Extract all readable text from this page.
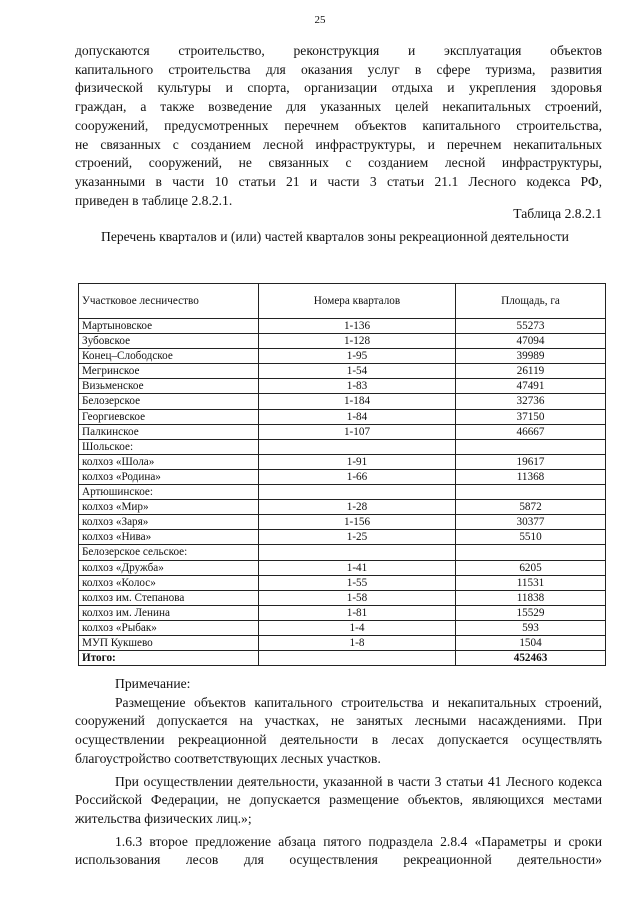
25
допускаются строительство, реконструкция и эксплуатация объектов
капитального строительства для оказания услуг в сфере туризма, развития
физической культуры и спорта, организации отдыха и укрепления здоровья
граждан, а также возведение для указанных целей некапитальных строений,
сооружений, предусмотренных перечнем объектов капитального строительства,
не связанных с созданием лесной инфраструктуры, и перечнем некапитальных
строений, сооружений, не связанных с созданием лесной инфраструктуры,
указанными в части 10 статьи 21 и части 3 статьи 21.1 Лесного кодекса РФ,
приведен в таблице 2.8.2.1.
Таблица 2.8.2.1
Перечень кварталов и (или) частей кварталов зоны рекреационной деятельности
Участковое лесничество	Номера кварталов	Площадь, га
Мартыновское	1-136	55273
Зубовское	1-128	47094
Конец–Слободское	1-95	39989
Мегринское	1-54	26119
Визьменское	1-83	47491
Белозерское	1-184	32736
Георгиевское	1-84	37150
Палкинское	1-107	46667
Шольское:		
колхоз «Шола»	1-91	19617
колхоз «Родина»	1-66	11368
Артюшинское:		
колхоз «Мир»	1-28	5872
колхоз «Заря»	1-156	30377
колхоз «Нива»	1-25	5510
Белозерское сельское:		
колхоз «Дружба»	1-41	6205
колхоз «Колос»	1-55	11531
колхоз им. Степанова	1-58	11838
колхоз им. Ленина	1-81	15529
колхоз «Рыбак»	1-4	593
МУП Кукшево	1-8	1504
Итого:		452463

Примечание:

Размещение объектов капитального строительства и некапитальных строений, сооружений допускается на участках, не занятых лесными насаждениями. При осуществлении рекреационной деятельности в лесах допускается осуществлять благоустройство соответствующих лесных участков.

При осуществлении деятельности, указанной в части 3 статьи 41 Лесного кодекса Российской Федерации, не допускается размещение объектов, являющихся местами жительства физических лиц.»;

1.6.3 второе предложение абзаца пятого подраздела 2.8.4 «Параметры и сроки использования лесов для осуществления рекреационной деятельности»
